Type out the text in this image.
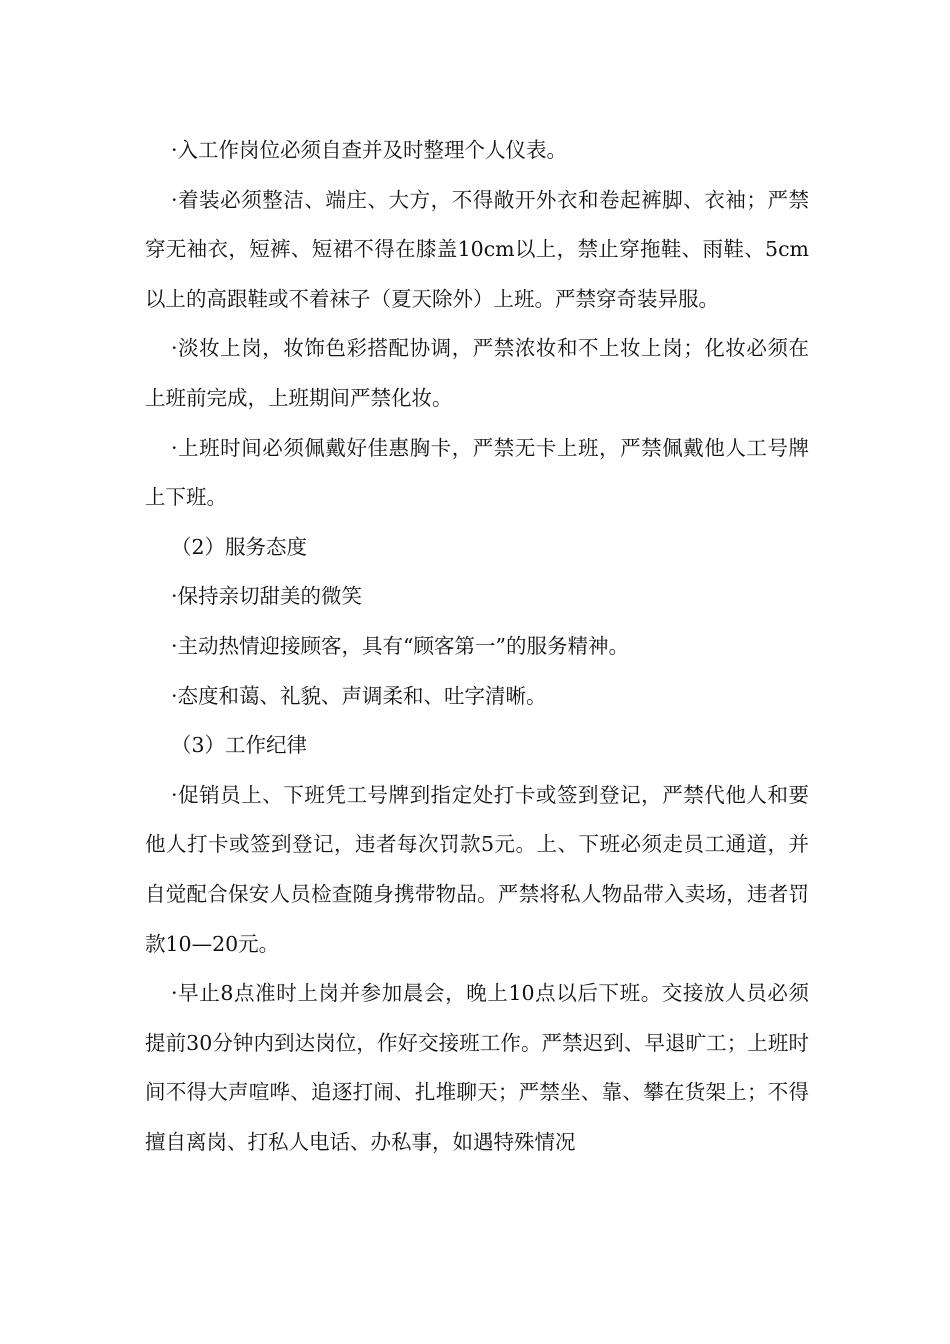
·入工作岗位必须自查并及时整理个人仪表。

·着装必须整洁、端庄、大方，不得敞开外衣和卷起裤脚、衣袖；严禁穿无袖衣，短裤、短裙不得在膝盖10cm以上，禁止穿拖鞋、雨鞋、5cm以上的高跟鞋或不着袜子（夏天除外）上班。严禁穿奇装异服。

·淡妆上岗，妆饰色彩搭配协调，严禁浓妆和不上妆上岗；化妆必须在上班前完成，上班期间严禁化妆。

·上班时间必须佩戴好佳惠胸卡，严禁无卡上班，严禁佩戴他人工号牌上下班。

（2）服务态度

·保持亲切甜美的微笑

·主动热情迎接顾客，具有“顾客第一”的服务精神。

·态度和蔼、礼貌、声调柔和、吐字清晰。

（3）工作纪律

·促销员上、下班凭工号牌到指定处打卡或签到登记，严禁代他人和要他人打卡或签到登记，违者每次罚款5元。上、下班必须走员工通道，并自觉配合保安人员检查随身携带物品。严禁将私人物品带入卖场，违者罚款10—20元。

·早止8点准时上岗并参加晨会，晚上10点以后下班。交接放人员必须提前30分钟内到达岗位，作好交接班工作。严禁迟到、早退旷工；上班时间不得大声喧哗、追逐打闹、扎堆聊天；严禁坐、靠、攀在货架上；不得擅自离岗、打私人电话、办私事，如遇特殊情况
